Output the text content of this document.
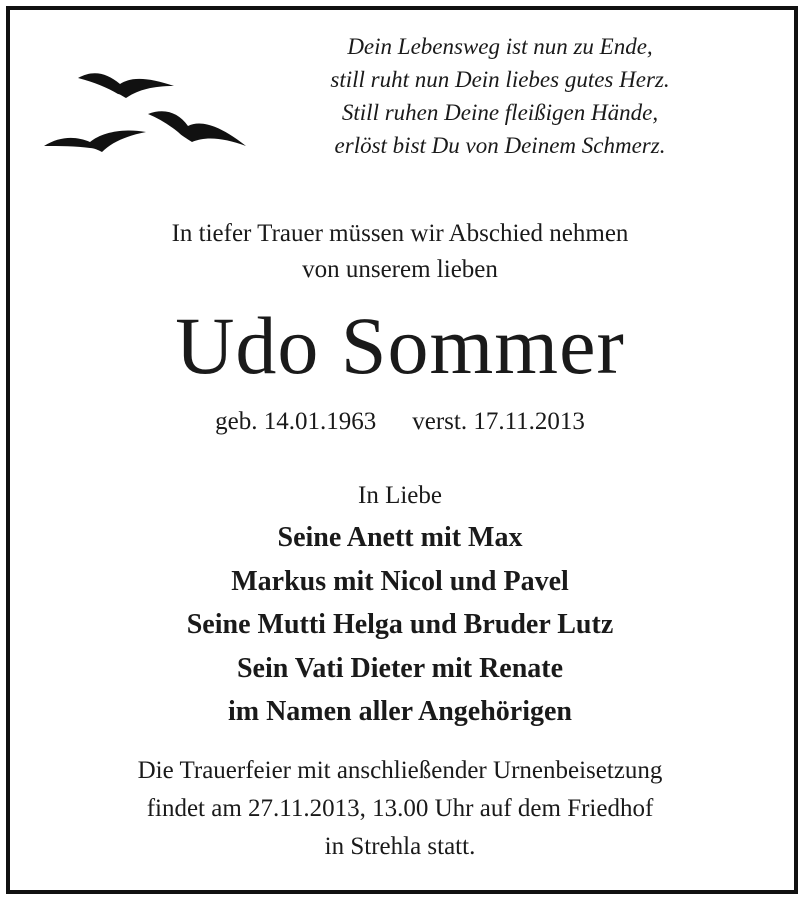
Dein Lebensweg ist nun zu Ende,
still ruht nun Dein liebes gutes Herz.
Still ruhen Deine fleißigen Hände,
erlöst bist Du von Deinem Schmerz.
In tiefer Trauer müssen wir Abschied nehmen
von unserem lieben
Udo Sommer
geb. 14.01.1963 verst. 17.11.2013
In Liebe
Seine Anett mit Max
Markus mit Nicol und Pavel
Seine Mutti Helga und Bruder Lutz
Sein Vati Dieter mit Renate
im Namen aller Angehörigen
Die Trauerfeier mit anschließender Urnenbeisetzung
findet am 27.11.2013, 13.00 Uhr auf dem Friedhof
in Strehla statt.
